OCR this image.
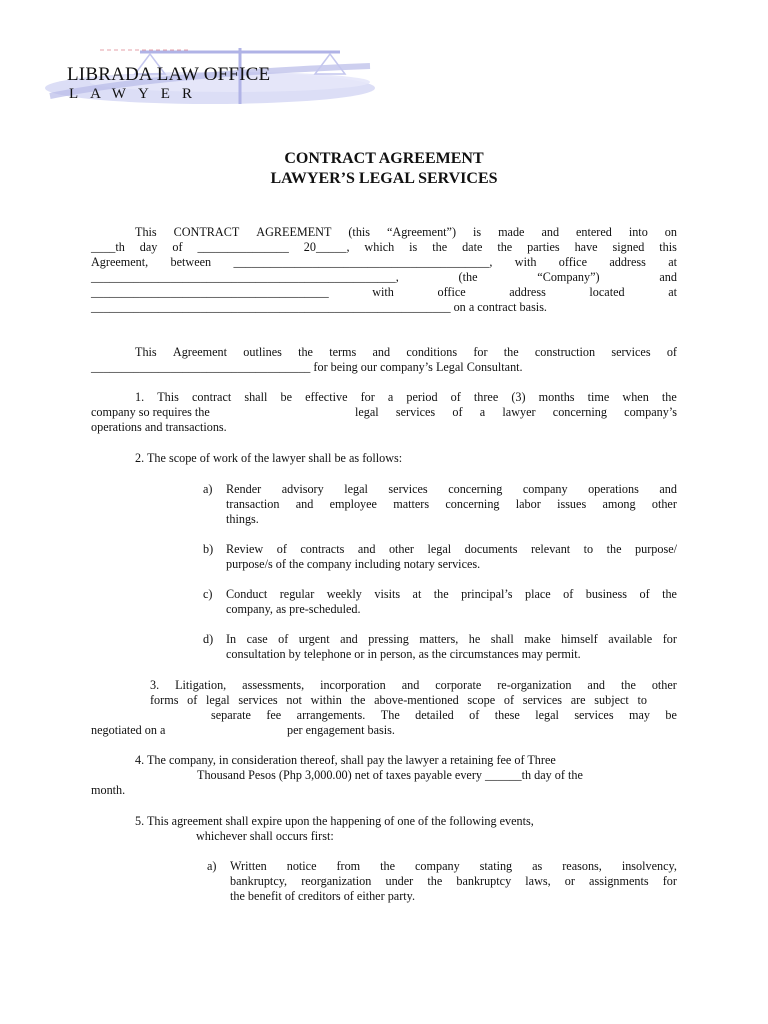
LIBRADA LAW OFFICE
LAWYER
CONTRACT AGREEMENT
LAWYER’S LEGAL SERVICES
This CONTRACT AGREEMENT (this “Agreement”) is made and entered into on
____th day of _______________ 20_____, which is the date the parties have signed this
Agreement, between __________________________________________, with office address at
__________________________________________________,	(the	“Company”)	and
_______________________________________	with	office	address	located	at
___________________________________________________________ on a contract basis.
This Agreement outlines the terms and conditions for the construction services of
____________________________________ for being our company’s Legal Consultant.
1. This contract shall be effective for a period of three (3) months time when the
company so requires the	legal services of a lawyer concerning company’s
operations and transactions.
2. The scope of work of the lawyer shall be as follows:
a) Render advisory legal services concerning company operations and
transaction and employee matters concerning labor issues among other
things.
b) Review of contracts and other legal documents relevant to the purpose/
purpose/s of the company including notary services.
c) Conduct regular weekly visits at the principal’s place of business of the
company, as pre-scheduled.
d) In case of urgent and pressing matters, he shall make himself available for
consultation by telephone or in person, as the circumstances may permit.
3. Litigation, assessments, incorporation and corporate re-organization and the other
forms of legal services not within the above-mentioned scope of services are subject to
separate fee arrangements. The detailed of these legal services may be
negotiated on a	per engagement basis.
4. The company, in consideration thereof, shall pay the lawyer a retaining fee of Three
Thousand Pesos (Php 3,000.00) net of taxes payable every ______th day of the
month.
5. This agreement shall expire upon the happening of one of the following events,
whichever shall occurs first:
a) Written notice from the company stating as reasons, insolvency,
bankruptcy, reorganization under the bankruptcy laws, or assignments for
the benefit of creditors of either party.
